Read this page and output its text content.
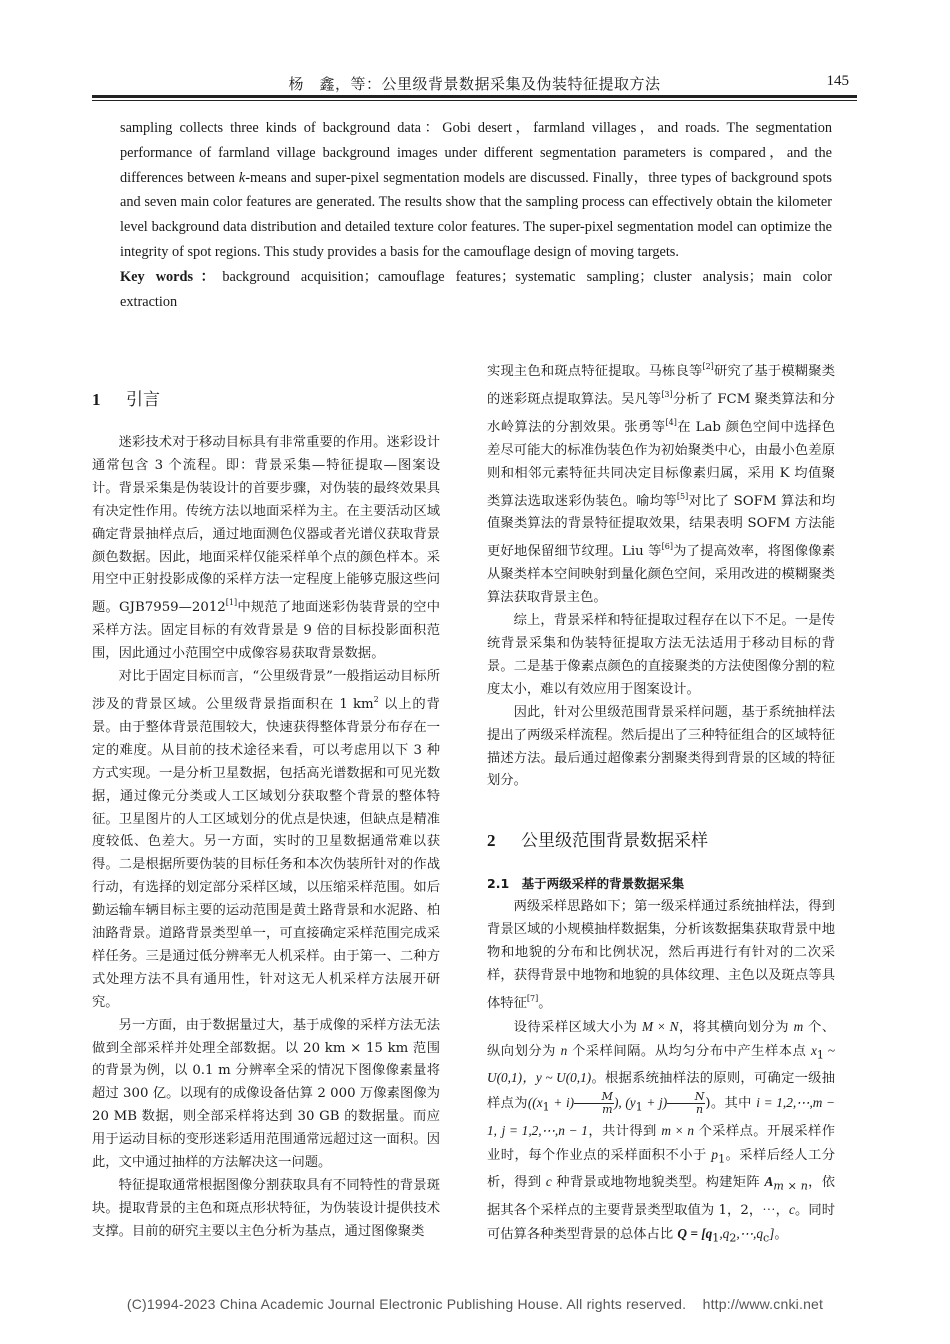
杨　鑫，等：公里级背景数据采集及伪装特征提取方法	145

sampling collects three kinds of background data：Gobi desert，farmland villages，and roads. The segmentation performance of farmland village background images under different segmentation parameters is compared，and the differences between k-means and super-pixel segmentation models are discussed. Finally，three types of background spots and seven main color features are generated. The results show that the sampling process can effectively obtain the kilometer level background data distribution and detailed texture color features. The super-pixel segmentation model can optimize the integrity of spot regions. This study provides a basis for the camouflage design of moving targets.

Key words：background acquisition；camouflage features；systematic sampling；cluster analysis；main color extraction

1 引言

迷彩技术对于移动目标具有非常重要的作用。迷彩设计通常包含 3 个流程。即：背景采集—特征提取—图案设计。背景采集是伪装设计的首要步骤，对伪装的最终效果具有决定性作用。传统方法以地面采样为主。在主要活动区域确定背景抽样点后，通过地面测色仪器或者光谱仪获取背景颜色数据。因此，地面采样仅能采样单个点的颜色样本。采用空中正射投影成像的采样方法一定程度上能够克服这些问题。GJB7959—2012[1]中规范了地面迷彩伪装背景的空中采样方法。固定目标的有效背景是 9 倍的目标投影面积范围，因此通过小范围空中成像容易获取背景数据。

对比于固定目标而言，“公里级背景”一般指运动目标所涉及的背景区域。公里级背景指面积在 1 $km^2$ 以上的背景。由于整体背景范围较大，快速获得整体背景分布存在一定的难度。从目前的技术途径来看，可以考虑用以下 3 种方式实现。一是分析卫星数据，包括高光谱数据和可见光数据，通过像元分类或人工区域划分获取整个背景的整体特征。卫星图片的人工区域划分的优点是快速，但缺点是精准度较低、色差大。另一方面，实时的卫星数据通常难以获得。二是根据所要伪装的目标任务和本次伪装所针对的作战行动，有选择的划定部分采样区域，以压缩采样范围。如后勤运输车辆目标主要的运动范围是黄土路背景和水泥路、柏油路背景。道路背景类型单一，可直接确定采样范围完成采样任务。三是通过低分辨率无人机采样。由于第一、二种方式处理方法不具有通用性，针对这无人机采样方法展开研究。

另一方面，由于数据量过大，基于成像的采样方法无法做到全部采样并处理全部数据。以 20 km × 15 km 范围的背景为例，以 0.1 m 分辨率全采的情况下图像像素量将超过 300 亿。以现有的成像设备估算 2 000 万像素图像为 20 MB 数据，则全部采样将达到 30 GB 的数据量。而应用于运动目标的变形迷彩适用范围通常远超过这一面积。因此，文中通过抽样的方法解决这一问题。

特征提取通常根据图像分割获取具有不同特性的背景斑块。提取背景的主色和斑点形状特征，为伪装设计提供技术支撑。目前的研究主要以主色分析为基点，通过图像聚类

实现主色和斑点特征提取。马栋良等[2]研究了基于模糊聚类的迷彩斑点提取算法。吴凡等[3]分析了 FCM 聚类算法和分水岭算法的分割效果。张勇等[4]在 Lab 颜色空间中选择色差尽可能大的标准伪装色作为初始聚类中心，由最小色差原则和相邻元素特征共同决定目标像素归属，采用 K 均值聚类算法选取迷彩伪装色。喻均等[5]对比了 SOFM 算法和均值聚类算法的背景特征提取效果，结果表明 SOFM 方法能更好地保留细节纹理。Liu 等[6]为了提高效率，将图像像素从聚类样本空间映射到量化颜色空间，采用改进的模糊聚类算法获取背景主色。

综上，背景采样和特征提取过程存在以下不足。一是传统背景采集和伪装特征提取方法无法适用于移动目标的背景。二是基于像素点颜色的直接聚类的方法使图像分割的粒度太小，难以有效应用于图案设计。

因此，针对公里级范围背景采样问题，基于系统抽样法提出了两级采样流程。然后提出了三种特征组合的区域特征描述方法。最后通过超像素分割聚类得到背景的区域的特征划分。

2 公里级范围背景数据采样
2.1　 基于两级采样的背景数据采集

两级采样思路如下；第一级采样通过系统抽样法，得到背景区域的小规模抽样数据集，分析该数据集获取背景中地物和地貌的分布和比例状况，然后再进行有针对的二次采样，获得背景中地物和地貌的具体纹理、主色以及斑点等具体特征[7]。

设待采样区域大小为 M × N，将其横向划分为 m 个、纵向划分为 n 个采样间隔。从均匀分布中产生样本点 $x_1$ ~ U(0,1)，y ~ U(0,1)。根据系统抽样法的原则，可确定一级抽样点为($(x_1 + i) \frac{M}{m}$ ), $(y_1 + j) \frac{N}{n}$ )。其中 i = 1,2,⋯,m − 1, j = 1,2,⋯,n − 1，共计得到 m × n 个采样点。开展采样作业时，每个作业点的采样面积不小于 $p_1$。采样后经人工分析，得到 c 种背景或地物地貌类型。构建矩阵 $A_{m \times n}$，依据其各个采样点的主要背景类型取值为 1，2，⋯，c。同时可估算各种类型背景的总体占比 $Q = [q_1,q_2,\cdots,q_c]$。

(C)1994-2023 China Academic Journal Electronic Publishing House. All rights reserved.    http://www.cnki.net
